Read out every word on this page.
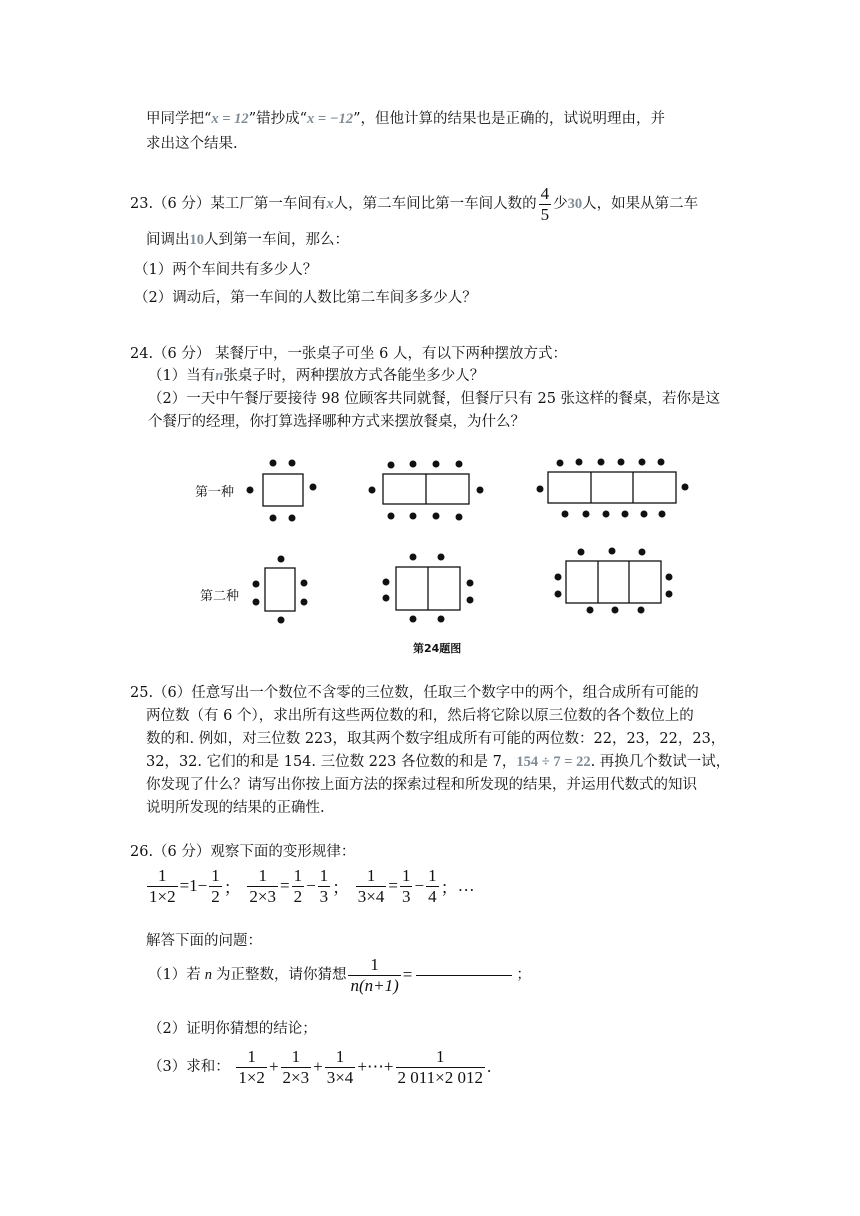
甲同学把“x = 12”错抄成“x = −12”，但他计算的结果也是正确的，试说明理由，并
求出这个结果.
23.（6 分）某工厂第一车间有x人，第二车间比第一车间人数的 $\frac{4}{5}$ 少30人，如果从第二车
间调出10人到第一车间，那么：
（1）两个车间共有多少人？
（2）调动后，第一车间的人数比第二车间多多少人？
24.（6 分） 某餐厅中，一张桌子可坐 6 人，有以下两种摆放方式：
（1）当有n张桌子时，两种摆放方式各能坐多少人？
（2）一天中午餐厅要接待 98 位顾客共同就餐，但餐厅只有 25 张这样的餐桌，若你是这
个餐厅的经理，你打算选择哪种方式来摆放餐桌，为什么？
第一种
第二种
第24题图
25.（6）任意写出一个数位不含零的三位数，任取三个数字中的两个，组合成所有可能的
两位数（有 6 个），求出所有这些两位数的和，然后将它除以原三位数的各个数位上的
数的和. 例如，对三位数 223，取其两个数字组成所有可能的两位数：22，23，22，23，
32，32. 它们的和是 154. 三位数 223 各位数的和是 7，154 ÷ 7 = 22. 再换几个数试一试，
你发现了什么？请写出你按上面方法的探索过程和所发现的结果，并运用代数式的知识
说明所发现的结果的正确性.
26.（6 分）观察下面的变形规律：
$\frac{1}{1\times 2} =1- \frac{1}{2}$ ； $\frac{1}{2\times 3} = \frac{1}{2} - \frac{1}{3}$ ； $\frac{1}{3\times 4} = \frac{1}{3} - \frac{1}{4}$ ；…
解答下面的问题：
（1）若 n 为正整数，请你猜想 $\frac{1}{n(n+1)}$ =	；
（2）证明你猜想的结论；
（3）求和： $\frac{1}{1\times 2} + \frac{1}{2\times 3} + \frac{1}{3\times 4}$ +⋯+ $\frac{1}{2 011\times 2 012}$ .
